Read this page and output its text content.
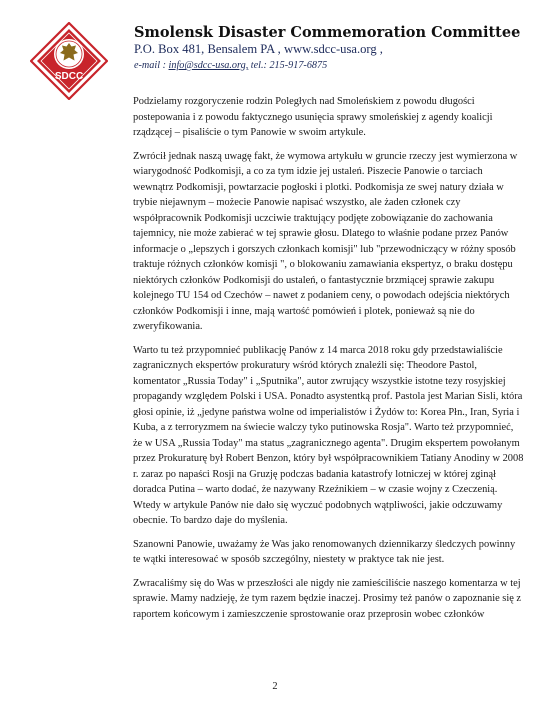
SDCC
Smolensk Disaster Commemoration Committee
P.O. Box 481, Bensalem PA , www.sdcc-usa.org ,
e-mail : info@sdcc-usa.org, tel.: 215-917-6875

Podzielamy rozgoryczenie rodzin Poległych nad Smoleńskiem z powodu długości postepowania i z powodu faktycznego usunięcia sprawy smoleńskiej z agendy koalicji rządzącej – pisaliście o tym Panowie w swoim artykule.

Zwrócił jednak naszą uwagę fakt, że wymowa artykułu w gruncie rzeczy jest wymierzona w wiarygodność Podkomisji, a co za tym idzie jej ustaleń. Piszecie Panowie o tarciach wewnątrz Podkomisji, powtarzacie pogłoski i plotki. Podkomisja ze swej natury działa w trybie niejawnym – możecie Panowie napisać wszystko, ale żaden członek czy współpracownik Podkomisji uczciwie traktujący podjęte zobowiązanie do zachowania tajemnicy, nie może zabierać w tej sprawie głosu. Dlatego to właśnie podane przez Panów informacje o „lepszych i gorszych członkach komisji" lub "przewodniczący w różny sposób traktuje różnych członków komisji ", o blokowaniu zamawiania ekspertyz, o braku dostępu niektórych członków Podkomisji do ustaleń, o fantastycznie brzmiącej sprawie zakupu kolejnego TU 154 od Czechów – nawet z podaniem ceny, o powodach odejścia niektórych członków Podkomisji i inne, mają wartość pomówień i plotek, ponieważ są nie do zweryfikowania.

Warto tu też przypomnieć publikację Panów z 14 marca 2018 roku gdy przedstawialiście zagranicznych ekspertów prokuratury wśród których znaleźli się: Theodore Pastol, komentator „Russia Today" i „Sputnika", autor zwrujący wszystkie istotne tezy rosyjskiej propagandy względem Polski i USA. Ponadto asystentką prof. Pastola jest Marian Sisli, która głosi opinie, iż „jedyne państwa wolne od imperialistów i Żydów to: Korea Płn., Iran, Syria i Kuba, a z terroryzmem na świecie walczy tyko putinowska Rosja". Warto też przypomnieć, że w USA „Russia Today" ma status „zagranicznego agenta". Drugim ekspertem powołanym przez Prokuraturę był Robert Benzon, który był współpracownikiem Tatiany Anodiny w 2008 r. zaraz po napaści Rosji na Gruzję podczas badania katastrofy lotniczej w której zginął doradca Putina – warto dodać, że nazywany Rzeźnikiem – w czasie wojny z Czeczenią. Wtedy w artykule Panów nie dało się wyczuć podobnych wątpliwości, jakie odczuwamy obecnie. To bardzo daje do myślenia.

Szanowni Panowie, uważamy że Was jako renomowanych dziennikarzy śledczych powinny te wątki interesować w sposób szczególny, niestety w praktyce tak nie jest.

Zwracaliśmy się do Was w przeszłości ale nigdy nie zamieściliście naszego komentarza w tej sprawie. Mamy nadzieję, że tym razem będzie inaczej. Prosimy też panów o zapoznanie się z raportem końcowym i zamieszczenie sprostowanie oraz przeprosin wobec członków

2
